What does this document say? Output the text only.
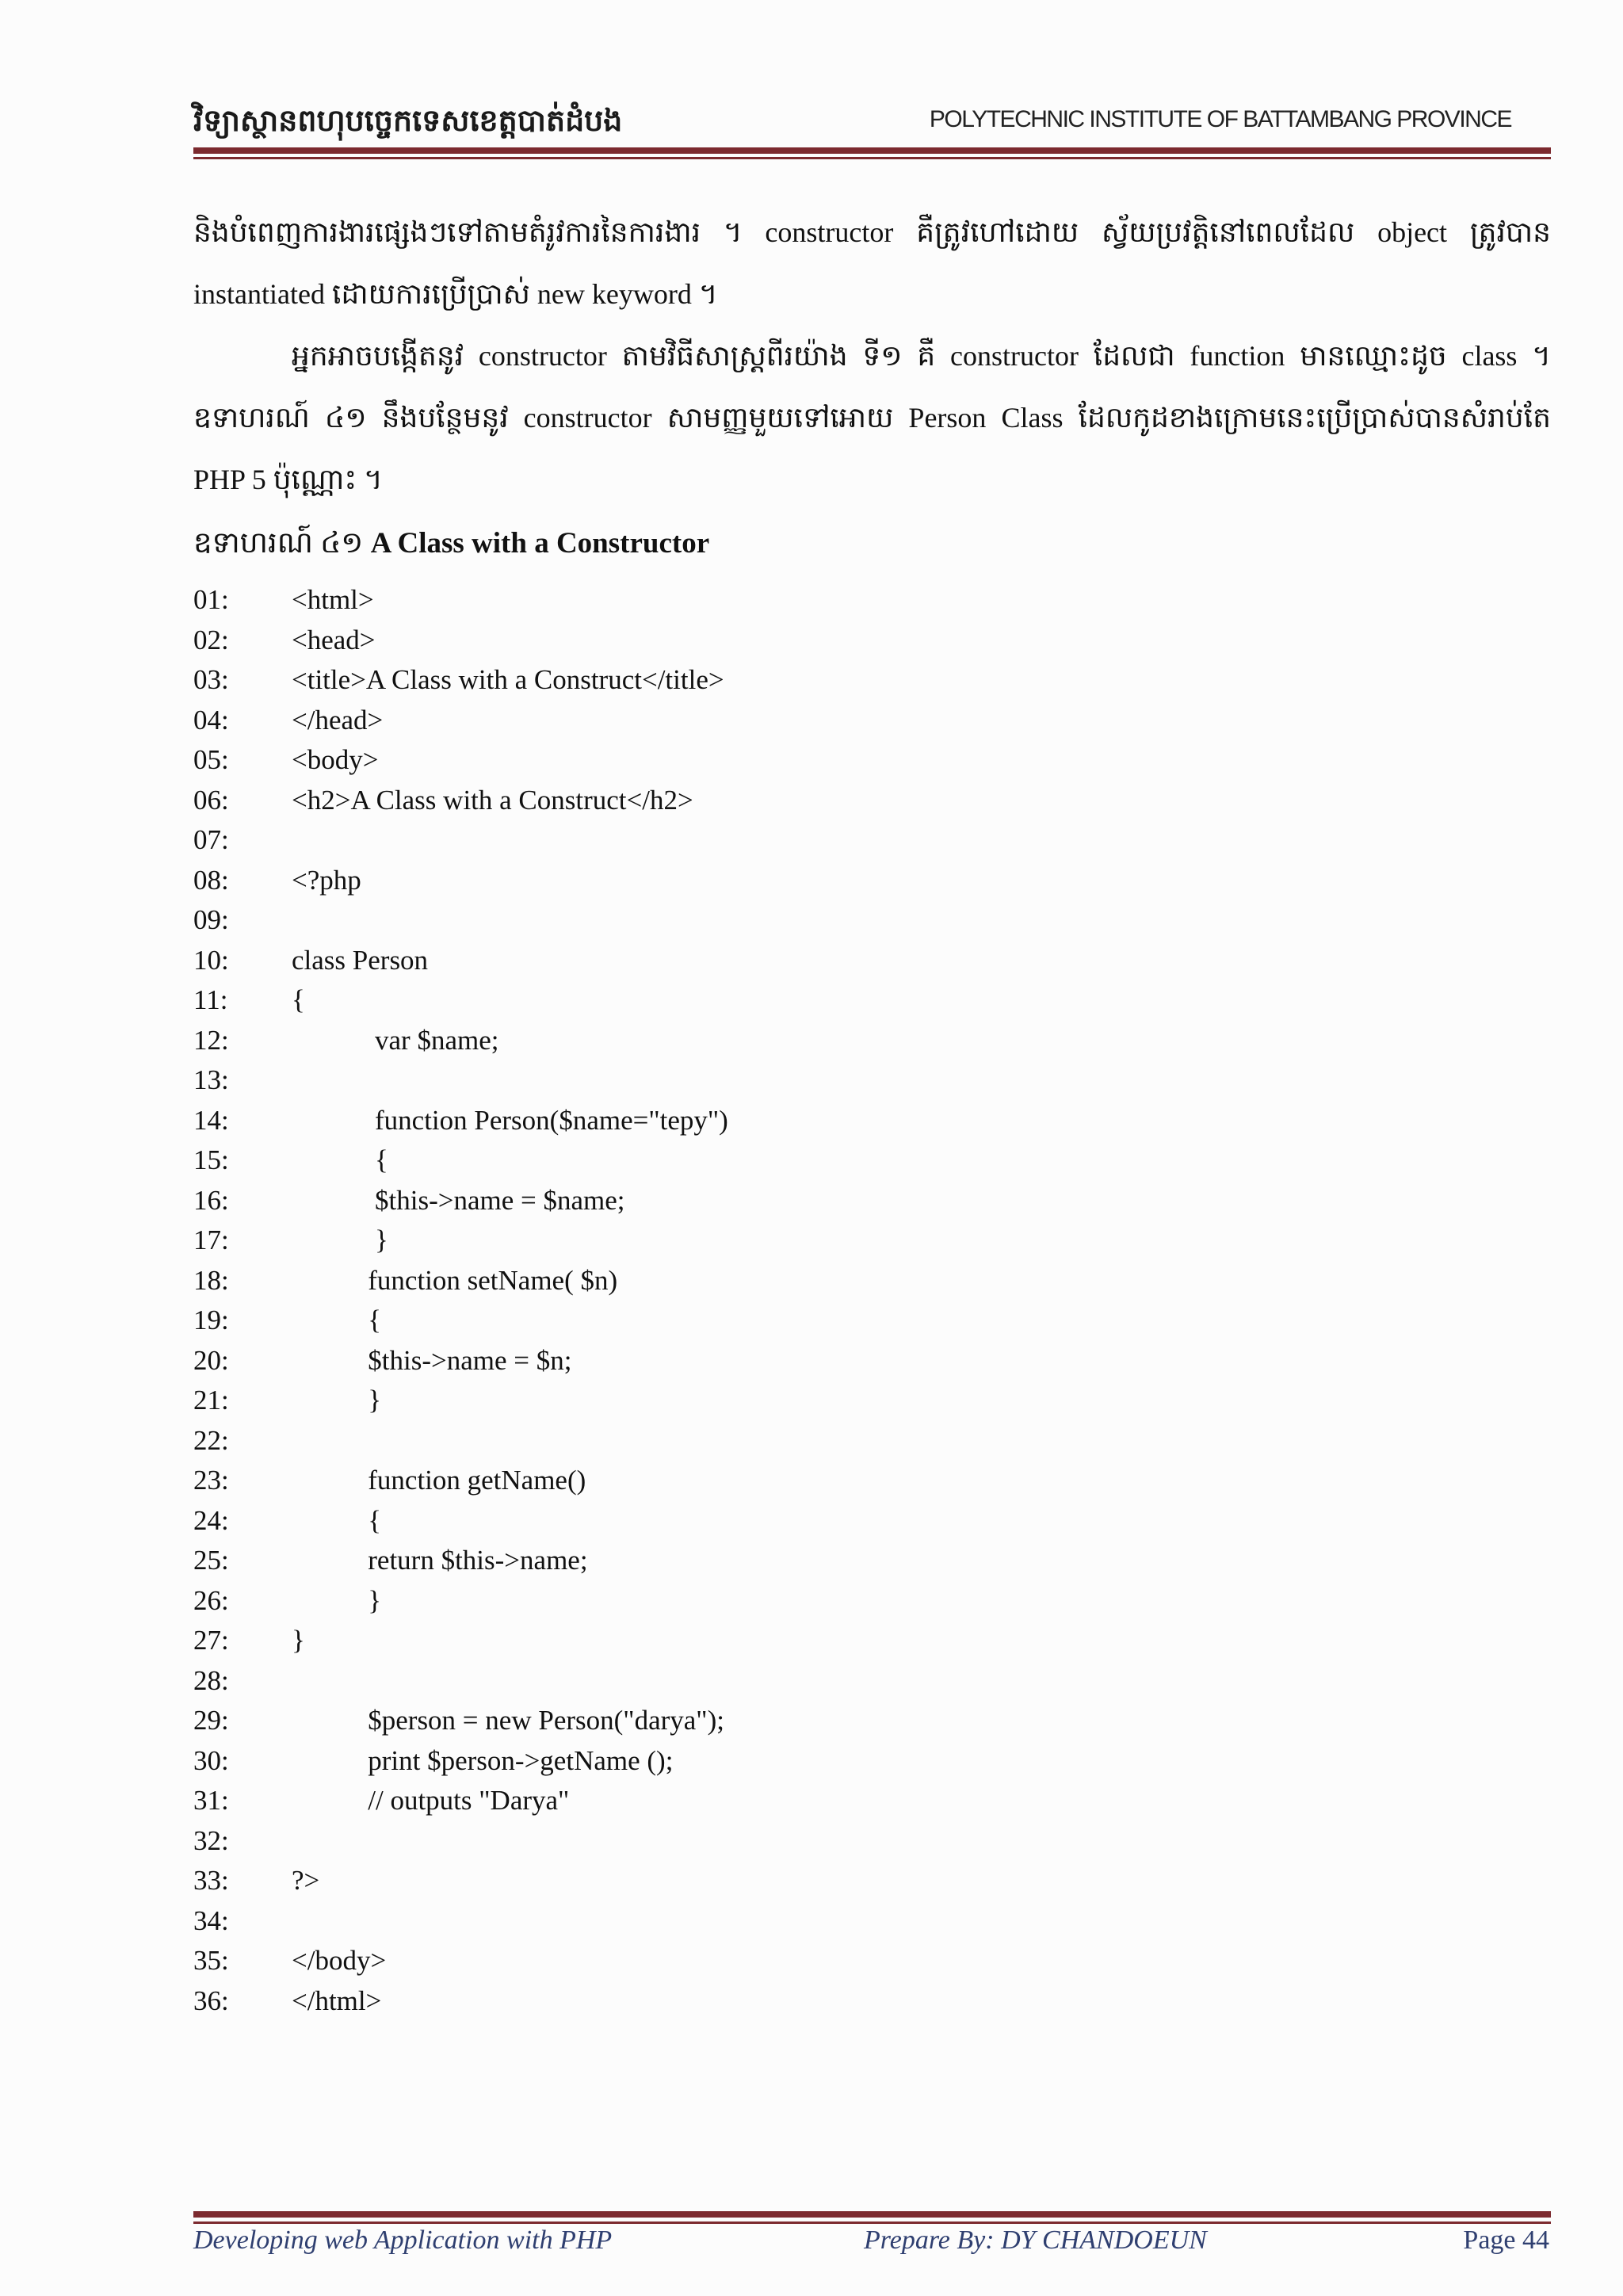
វិទ្យាស្ថានពហុបច្ចេកទេសខេត្តបាត់ដំបង	POLYTECHNIC INSTITUTE OF BATTAMBANG PROVINCE

និងបំពេញការងារផ្សេងៗទៅតាមតំរូវការនៃការងារ ។ constructor គឺត្រូវហៅដោយ ស្វ័យប្រវត្តិនៅពេលដែល object ត្រូវបាន instantiated ដោយការប្រើប្រាស់ new keyword ។

អ្នកអាចបង្កើតនូវ constructor តាមវិធីសាស្ត្រពីរយ៉ាង ទី១ គឺ constructor ដែលជា function មានឈ្មោះដូច class ។ ឧទាហរណ៍ ៤១ នឹងបន្ថែមនូវ constructor សាមញ្ញមួយទៅអោយ Person Class ដែលកូដខាងក្រោមនេះប្រើប្រាស់បានសំរាប់តែ PHP 5 ប៉ុណ្ណោះ ។

ឧទាហរណ៍ ៤១ A Class with a Constructor
01:	<html>
02:	<head>
03:	<title>A Class with a Construct</title>
04:	</head>
05:	<body>
06:	<h2>A Class with a Construct</h2>
07:
08:	<?php
09:
10:	class Person
11:	{
12:	var $name;
13:
14:	function Person($name="tepy")
15:	{
16:	$this->name = $name;
17:	}
18:	function setName( $n)
19:	{
20:	$this->name = $n;
21:	}
22:
23:	function getName()
24:	{
25:	return $this->name;
26:	}
27:	}
28:
29:	$person = new Person("darya");
30:	print $person->getName ();
31:	// outputs "Darya"
32:
33:	?>
34:
35:	</body>
36:	</html>
Developing web Application with PHP	Prepare By: DY CHANDOEUN	Page 44
